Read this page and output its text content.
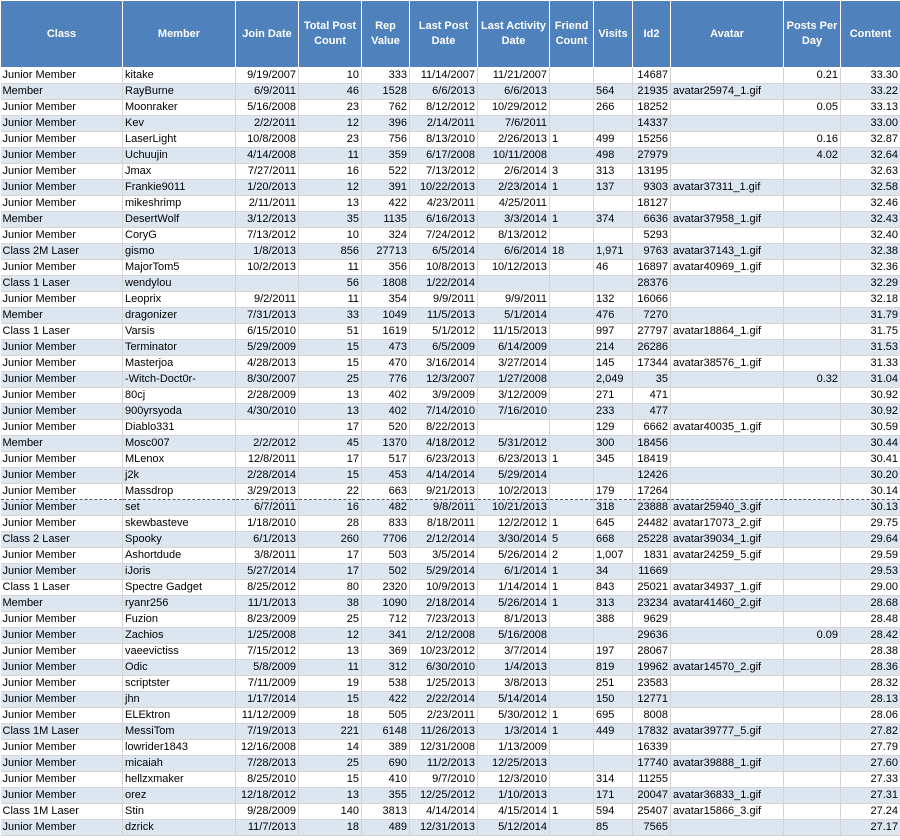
Class	Member	Join Date	Total Post Count	Rep Value	Last Post Date	Last Activity Date	Friend Count	Visits	Id2	Avatar	Posts Per Day	Content
Junior Member	kitake	9/19/2007	10	333	11/14/2007	11/21/2007			14687		0.21	33.30
Member	RayBurne	6/9/2011	46	1528	6/6/2013	6/6/2013		564	21935	avatar25974_1.gif		33.22
Junior Member	Moonraker	5/16/2008	23	762	8/12/2012	10/29/2012		266	18252		0.05	33.13
Junior Member	Kev	2/2/2011	12	396	2/14/2011	7/6/2011			14337			33.00
Junior Member	LaserLight	10/8/2008	23	756	8/13/2010	2/26/2013	1	499	15256		0.16	32.87
Junior Member	Uchuujin	4/14/2008	11	359	6/17/2008	10/11/2008		498	27979		4.02	32.64
Junior Member	Jmax	7/27/2011	16	522	7/13/2012	2/6/2014	3	313	13195			32.63
Junior Member	Frankie9011	1/20/2013	12	391	10/22/2013	2/23/2014	1	137	9303	avatar37311_1.gif		32.58
Junior Member	mikeshrimp	2/11/2011	13	422	4/23/2011	4/25/2011			18127			32.46
Member	DesertWolf	3/12/2013	35	1135	6/16/2013	3/3/2014	1	374	6636	avatar37958_1.gif		32.43
Junior Member	CoryG	7/13/2012	10	324	7/24/2012	8/13/2012			5293			32.40
Class 2M Laser	gismo	1/8/2013	856	27713	6/5/2014	6/6/2014	18	1,971	9763	avatar37143_1.gif		32.38
Junior Member	MajorTom5	10/2/2013	11	356	10/8/2013	10/12/2013		46	16897	avatar40969_1.gif		32.36
Class 1 Laser	wendylou		56	1808	1/22/2014				28376			32.29
Junior Member	Leoprix	9/2/2011	11	354	9/9/2011	9/9/2011		132	16066			32.18
Member	dragonizer	7/31/2013	33	1049	11/5/2013	5/1/2014		476	7270			31.79
Class 1 Laser	Varsis	6/15/2010	51	1619	5/1/2012	11/15/2013		997	27797	avatar18864_1.gif		31.75
Junior Member	Terminator	5/29/2009	15	473	6/5/2009	6/14/2009		214	26286			31.53
Junior Member	Masterjoa	4/28/2013	15	470	3/16/2014	3/27/2014		145	17344	avatar38576_1.gif		31.33
Junior Member	-Witch-Doct0r-	8/30/2007	25	776	12/3/2007	1/27/2008		2,049	35		0.32	31.04
Junior Member	80cj	2/28/2009	13	402	3/9/2009	3/12/2009		271	471			30.92
Junior Member	900yrsyoda	4/30/2010	13	402	7/14/2010	7/16/2010		233	477			30.92
Junior Member	Diablo331		17	520	8/22/2013			129	6662	avatar40035_1.gif		30.59
Member	Mosc007	2/2/2012	45	1370	4/18/2012	5/31/2012		300	18456			30.44
Junior Member	MLenox	12/8/2011	17	517	6/23/2013	6/23/2013	1	345	18419			30.41
Junior Member	j2k	2/28/2014	15	453	4/14/2014	5/29/2014			12426			30.20
Junior Member	Massdrop	3/29/2013	22	663	9/21/2013	10/2/2013		179	17264			30.14
Junior Member	set	6/7/2011	16	482	9/8/2011	10/21/2013		318	23888	avatar25940_3.gif		30.13
Junior Member	skewbasteve	1/18/2010	28	833	8/18/2011	12/2/2012	1	645	24482	avatar17073_2.gif		29.75
Class 2 Laser	Spooky	6/1/2013	260	7706	2/12/2014	3/30/2014	5	668	25228	avatar39034_1.gif		29.64
Junior Member	Ashortdude	3/8/2011	17	503	3/5/2014	5/26/2014	2	1,007	1831	avatar24259_5.gif		29.59
Junior Member	iJoris	5/27/2014	17	502	5/29/2014	6/1/2014	1	34	11669			29.53
Class 1 Laser	Spectre Gadget	8/25/2012	80	2320	10/9/2013	1/14/2014	1	843	25021	avatar34937_1.gif		29.00
Member	ryanr256	11/1/2013	38	1090	2/18/2014	5/26/2014	1	313	23234	avatar41460_2.gif		28.68
Junior Member	Fuzion	8/23/2009	25	712	7/23/2013	8/1/2013		388	9629			28.48
Junior Member	Zachios	1/25/2008	12	341	2/12/2008	5/16/2008			29636		0.09	28.42
Junior Member	vaeevictiss	7/15/2012	13	369	10/23/2012	3/7/2014		197	28067			28.38
Junior Member	Odic	5/8/2009	11	312	6/30/2010	1/4/2013		819	19962	avatar14570_2.gif		28.36
Junior Member	scriptster	7/11/2009	19	538	1/25/2013	3/8/2013		251	23583			28.32
Junior Member	jhn	1/17/2014	15	422	2/22/2014	5/14/2014		150	12771			28.13
Junior Member	ELEktron	11/12/2009	18	505	2/23/2011	5/30/2012	1	695	8008			28.06
Class 1M Laser	MessiTom	7/19/2013	221	6148	11/26/2013	1/3/2014	1	449	17832	avatar39777_5.gif		27.82
Junior Member	lowrider1843	12/16/2008	14	389	12/31/2008	1/13/2009			16339			27.79
Junior Member	micaiah	7/28/2013	25	690	11/2/2013	12/25/2013			17740	avatar39888_1.gif		27.60
Junior Member	hellzxmaker	8/25/2010	15	410	9/7/2010	12/3/2010		314	11255			27.33
Junior Member	orez	12/18/2012	13	355	12/25/2012	1/10/2013		171	20047	avatar36833_1.gif		27.31
Class 1M Laser	Stin	9/28/2009	140	3813	4/14/2014	4/15/2014	1	594	25407	avatar15866_3.gif		27.24
Junior Member	dzrick	11/7/2013	18	489	12/31/2013	5/12/2014		85	7565			27.17
